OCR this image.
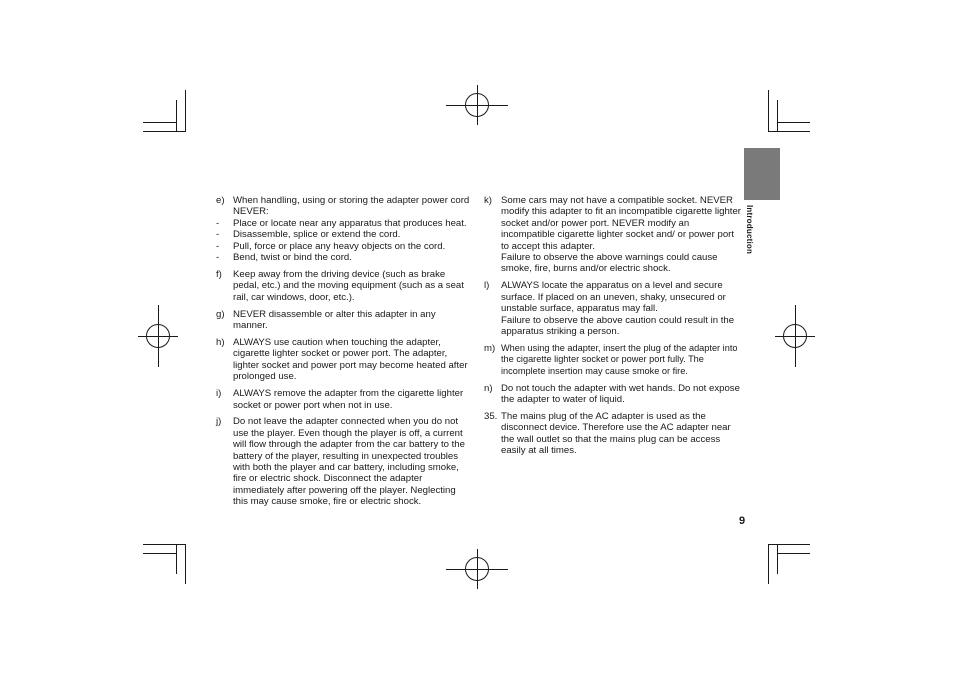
Introduction
e) When handling, using or storing the adapter power cord NEVER:

-	Place or locate near any apparatus that produces heat.
-	Disassemble, splice or extend the cord.
-	Pull, force or place any heavy objects on the cord.
-	Bend, twist or bind the cord.
f)	Keep away from the driving device (such as brake pedal, etc.) and the moving equipment (such as a seat rail, car windows, door, etc.).

g) NEVER disassemble or alter this adapter in any manner.

h) ALWAYS use caution when touching the adapter, cigarette lighter socket or power port. The adapter, lighter socket and power port may become heated after prolonged use.

i)	ALWAYS remove the adapter from the cigarette lighter socket or power port when not in use.

j)	Do not leave the adapter connected when you do not use the player. Even though the player is off, a current will flow through the adapter from the car battery to the battery of the player, resulting in unexpected troubles with both the player and car battery, including smoke, fire or electric shock. Disconnect the adapter immediately after powering off the player. Neglecting this may cause smoke, fire or electric shock.

k) Some cars may not have a compatible socket. NEVER modify this adapter to fit an incompatible cigarette lighter socket and/or power port. NEVER modify an incompatible cigarette lighter socket and/ or power port to accept this adapter.

Failure to observe the above warnings could cause smoke, fire, burns and/or electric shock.

l)	ALWAYS locate the apparatus on a level and secure surface. If placed on an uneven, shaky, unsecured or unstable surface, apparatus may fall.

Failure to observe the above caution could result in the apparatus striking a person.

m) When using the adapter, insert the plug of the adapter into the cigarette lighter socket or power port fully. The incomplete insertion may cause smoke or fire.

n) Do not touch the adapter with wet hands. Do not expose the adapter to water of liquid.

35. The mains plug of the AC adapter is used as the disconnect device. Therefore use the AC adapter near the wall outlet so that the mains plug can be access easily at all times.

9
